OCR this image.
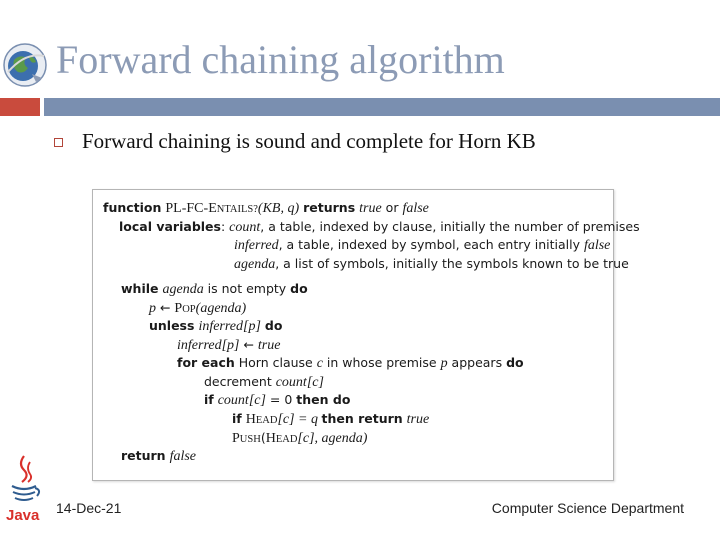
Forward chaining algorithm
Forward chaining is sound and complete for Horn KB
function PL-FC-ENTAILS?(KB, q) returns true or false
local variables: count, a table, indexed by clause, initially the number of premises
inferred, a table, indexed by symbol, each entry initially false
agenda, a list of symbols, initially the symbols known to be true
while agenda is not empty do
p ← POP(agenda)
unless inferred[p] do
inferred[p] ← true
for each Horn clause c in whose premise p appears do
decrement count[c]
if count[c] = 0 then do
if HEAD[c] = q then return true
PUSH(HEAD[c], agenda)
return false
Java 14-Dec-21	Computer Science Department
